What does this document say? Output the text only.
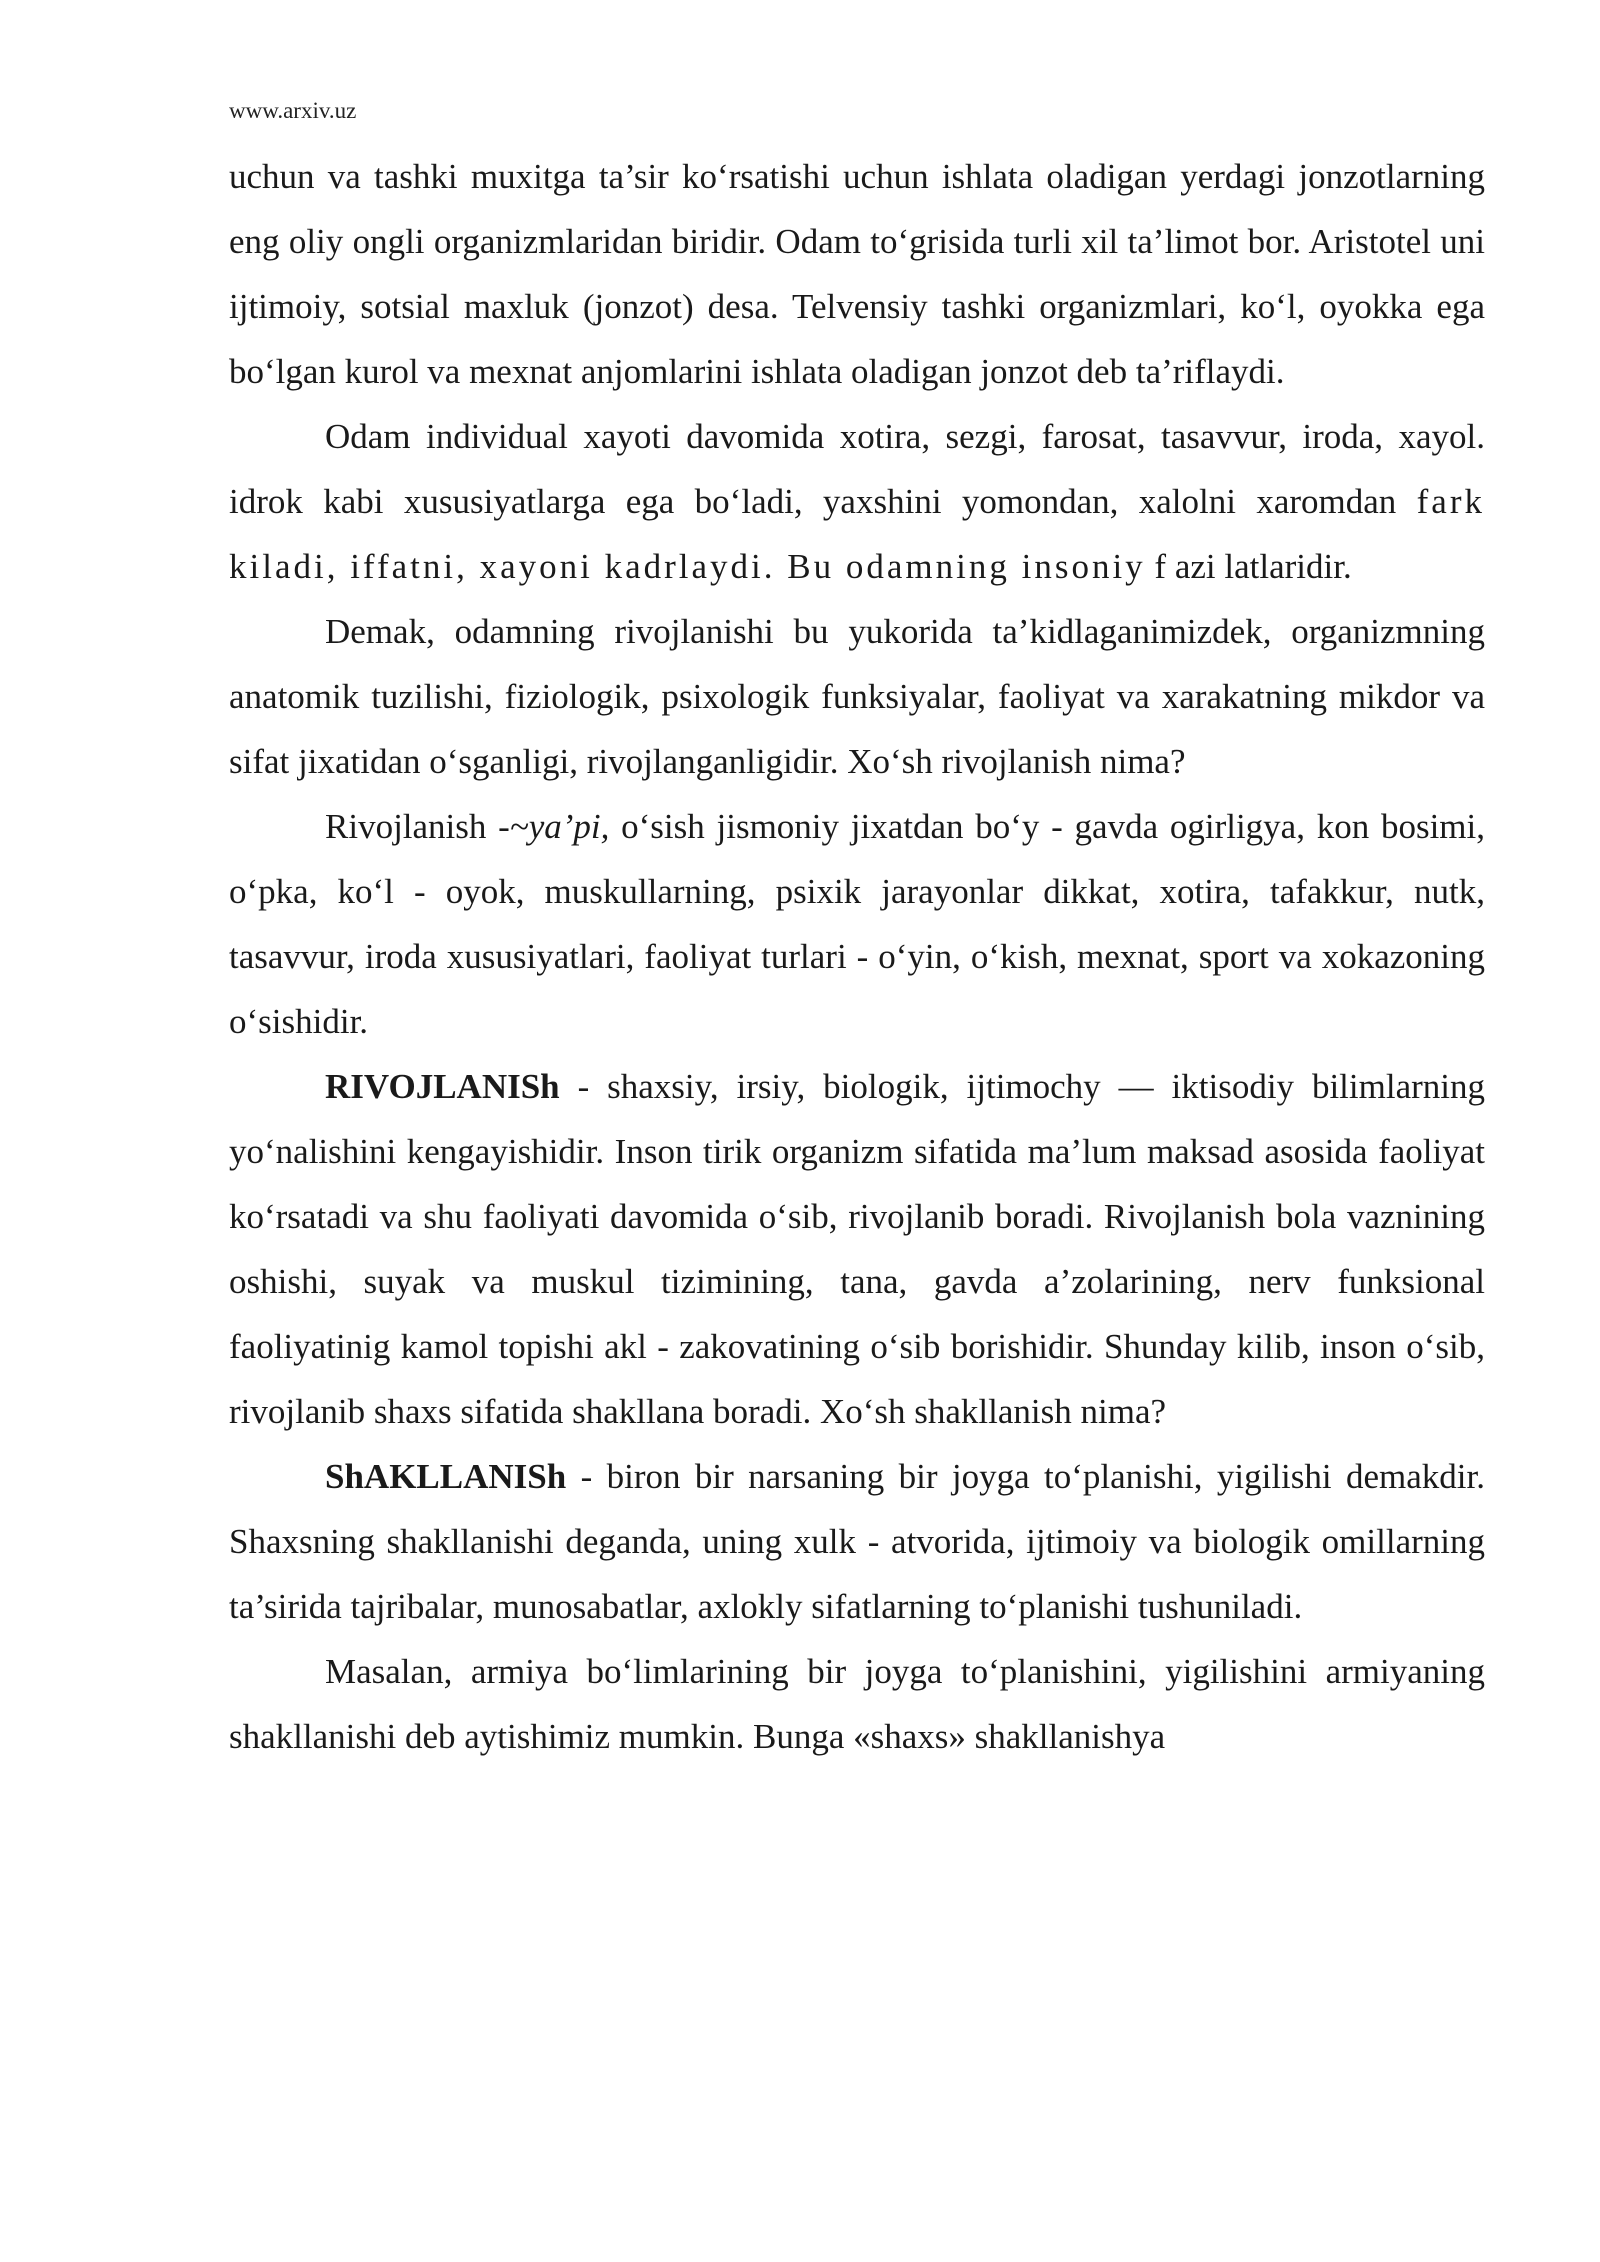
www.arxiv.uz

uchun va tashki muxitga ta’sir ko‘rsatishi uchun ishlata oladigan yerdagi jonzotlarning eng oliy ongli organizmlaridan biridir. Odam to‘grisida turli xil ta’limot bor. Aristotel uni ijtimoiy, sotsial maxluk (jonzot) desa. Telvensiy tashki organizmlari, ko‘l, oyokka ega bo‘lgan kurol va mexnat anjomlarini ishlata oladigan jonzot deb ta’riflaydi.

Odam individual xayoti davomida xotira, sezgi, farosat, tasavvur, iroda, xayol. idrok kabi xususiyatlarga ega bo‘ladi, yaxshini yomondan, xalolni xaromdan fark kiladi, iffatni, xayoni kadrlaydi. Bu odamning insoniy f azi latlaridir.

Demak, odamning rivojlanishi bu yukorida ta’kidlaganimizdek, organizmning anatomik tuzilishi, fiziologik, psixologik funksiyalar, faoliyat va xarakatning mikdor va sifat jixatidan o‘sganligi, rivojlanganligidir. Xo‘sh rivojlanish nima?

Rivojlanish -~ya’pi, o‘sish jismoniy jixatdan bo‘y - gavda ogirligya, kon bosimi, o‘pka, ko‘l - oyok, muskullarning, psixik jarayonlar dikkat, xotira, tafakkur, nutk, tasavvur, iroda xususiyatlari, faoliyat turlari - o‘yin, o‘kish, mexnat, sport va xokazoning o‘sishidir.

RIVOJLANISh - shaxsiy, irsiy, biologik, ijtimochy — iktisodiy bilimlarning yo‘nalishini kengayishidir. Inson tirik organizm sifatida ma’lum maksad asosida faoliyat ko‘rsatadi va shu faoliyati davomida o‘sib, rivojlanib boradi. Rivojlanish bola vaznining oshishi, suyak va muskul tizimining, tana, gavda a’zolarining, nerv funksional faoliyatinig kamol topishi akl - zakovatining o‘sib borishidir. Shunday kilib, inson o‘sib, rivojlanib shaxs sifatida shakllana boradi. Xo‘sh shakllanish nima?

ShAKLLANISh - biron bir narsaning bir joyga to‘planishi, yigilishi demakdir. Shaxsning shakllanishi deganda, uning xulk - atvorida, ijtimoiy va biologik omillarning ta’sirida tajribalar, munosabatlar, axlokly sifatlarning to‘planishi tushuniladi.

Masalan, armiya bo‘limlarining bir joyga to‘planishini, yigilishini armiyaning shakllanishi deb aytishimiz mumkin. Bunga «shaxs» shakllanishya
